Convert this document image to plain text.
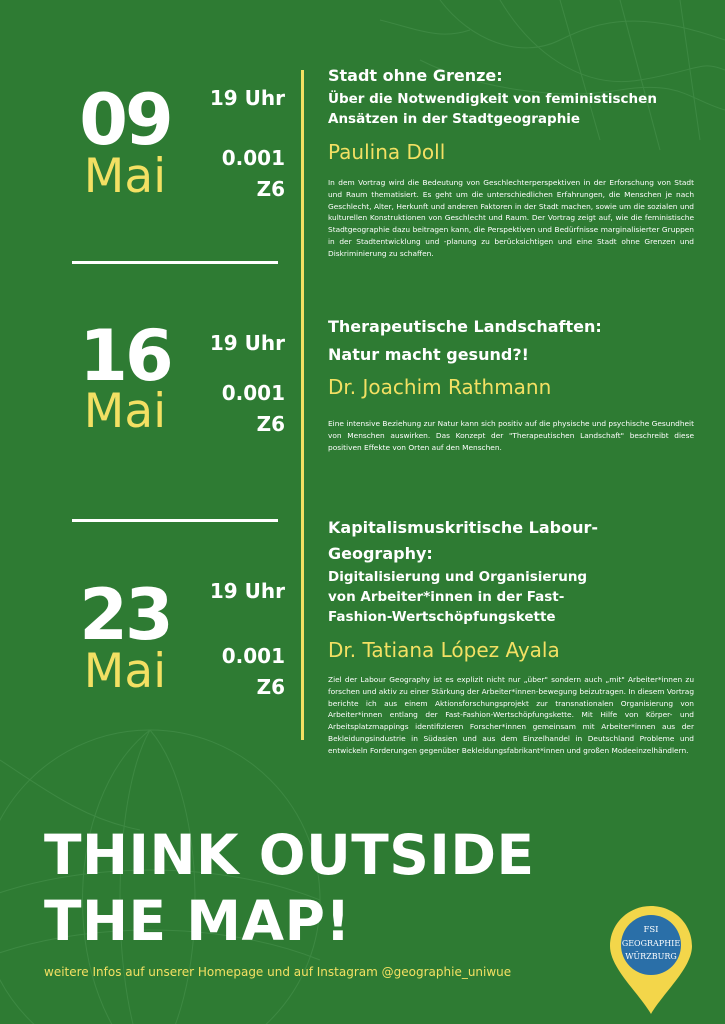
09
Mai
19 Uhr
0.001
Z6
16
Mai
19 Uhr
0.001
Z6
23
Mai
19 Uhr
0.001
Z6
Stadt ohne Grenze:
Über die Notwendigkeit von feministischen Ansätzen in der Stadtgeographie
Paulina Doll
In dem Vortrag wird die Bedeutung von Geschlechterperspektiven in der Erforschung von Stadt und Raum thematisiert. Es geht um die unterschiedlichen Erfahrungen, die Menschen je nach Geschlecht, Alter, Herkunft und anderen Faktoren in der Stadt machen, sowie um die sozialen und kulturellen Konstruktionen von Geschlecht und Raum. Der Vortrag zeigt auf, wie die feministische Stadtgeographie dazu beitragen kann, die Perspektiven und Bedürfnisse marginalisierter Gruppen in der Stadtentwicklung und -planung zu berücksichtigen und eine Stadt ohne Grenzen und Diskriminierung zu schaffen.
Therapeutische Landschaften: Natur macht gesund?!
Dr. Joachim Rathmann
Eine intensive Beziehung zur Natur kann sich positiv auf die physische und psychische Gesundheit von Menschen auswirken. Das Konzept der "Therapeutischen Landschaft" beschreibt diese positiven Effekte von Orten auf den Menschen.
Kapitalismuskritische Labour-Geography:
Digitalisierung und Organisierung von Arbeiter*innen in der Fast-Fashion-Wertschöpfungskette
Dr. Tatiana López Ayala
Ziel der Labour Geography ist es explizit nicht nur „über" sondern auch „mit" Arbeiter*innen zu forschen und aktiv zu einer Stärkung der Arbeiter*innen-bewegung beizutragen. In diesem Vortrag berichte ich aus einem Aktionsforschungsprojekt zur transnationalen Organisierung von Arbeiter*innen entlang der Fast-Fashion-Wertschöpfungskette. Mit Hilfe von Körper- und Arbeitsplatzmappings identifizieren Forscher*innen gemeinsam mit Arbeiter*innen aus der Bekleidungsindustrie in Südasien und aus dem Einzelhandel in Deutschland Probleme und entwickeln Forderungen gegenüber Bekleidungsfabrikant*innen und großen Modeeinzelhändlern.
THINK OUTSIDE
THE MAP!
weitere Infos auf unserer Homepage und auf Instagram @geographie_uniwue
FSI
GEOGRAPHIE
WÜRZBURG
